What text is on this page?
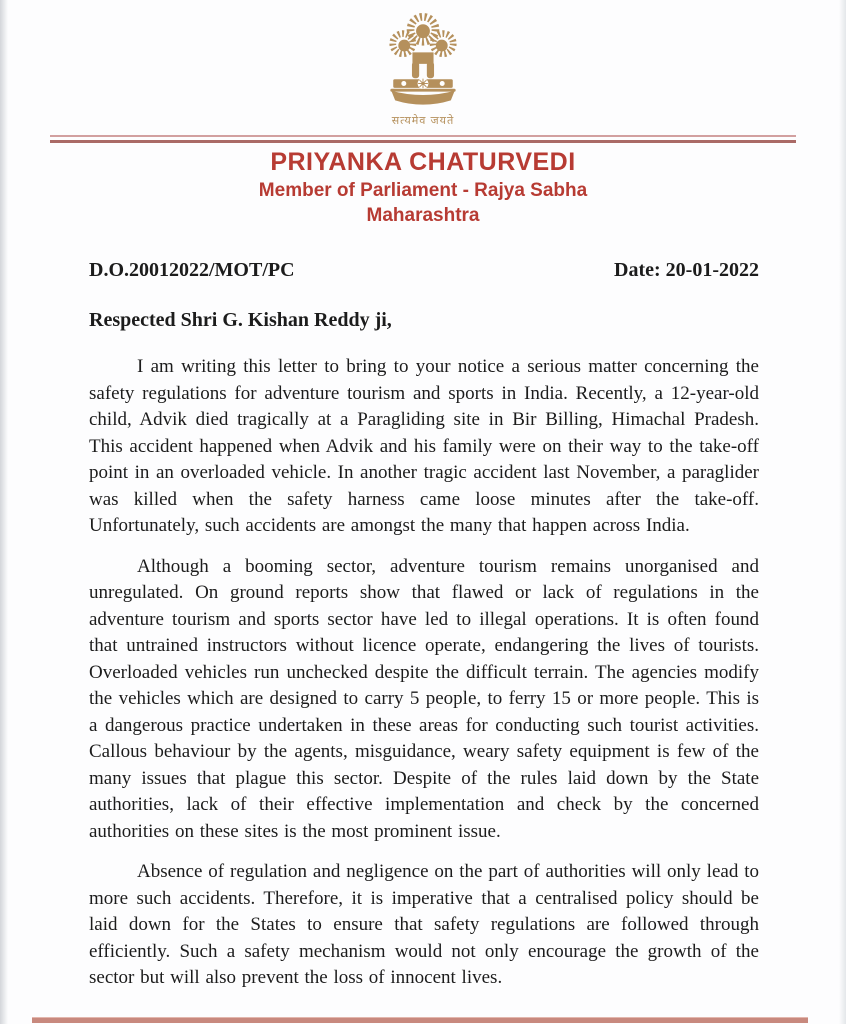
सत्यमेव जयते
PRIYANKA CHATURVEDI
Member of Parliament - Rajya Sabha
Maharashtra
D.O.20012022/MOT/PC	Date: 20-01-2022
Respected Shri G. Kishan Reddy ji,

I am writing this letter to bring to your notice a serious matter concerning the safety regulations for adventure tourism and sports in India. Recently, a 12-year-old child, Advik died tragically at a Paragliding site in Bir Billing, Himachal Pradesh. This accident happened when Advik and his family were on their way to the take-off point in an overloaded vehicle. In another tragic accident last November, a paraglider was killed when the safety harness came loose minutes after the take-off. Unfortunately, such accidents are amongst the many that happen across India.

Although a booming sector, adventure tourism remains unorganised and unregulated. On ground reports show that flawed or lack of regulations in the adventure tourism and sports sector have led to illegal operations. It is often found that untrained instructors without licence operate, endangering the lives of tourists. Overloaded vehicles run unchecked despite the difficult terrain. The agencies modify the vehicles which are designed to carry 5 people, to ferry 15 or more people. This is a dangerous practice undertaken in these areas for conducting such tourist activities. Callous behaviour by the agents, misguidance, weary safety equipment is few of the many issues that plague this sector. Despite of the rules laid down by the State authorities, lack of their effective implementation and check by the concerned authorities on these sites is the most prominent issue.

Absence of regulation and negligence on the part of authorities will only lead to more such accidents. Therefore, it is imperative that a centralised policy should be laid down for the States to ensure that safety regulations are followed through efficiently. Such a safety mechanism would not only encourage the growth of the sector but will also prevent the loss of innocent lives.
